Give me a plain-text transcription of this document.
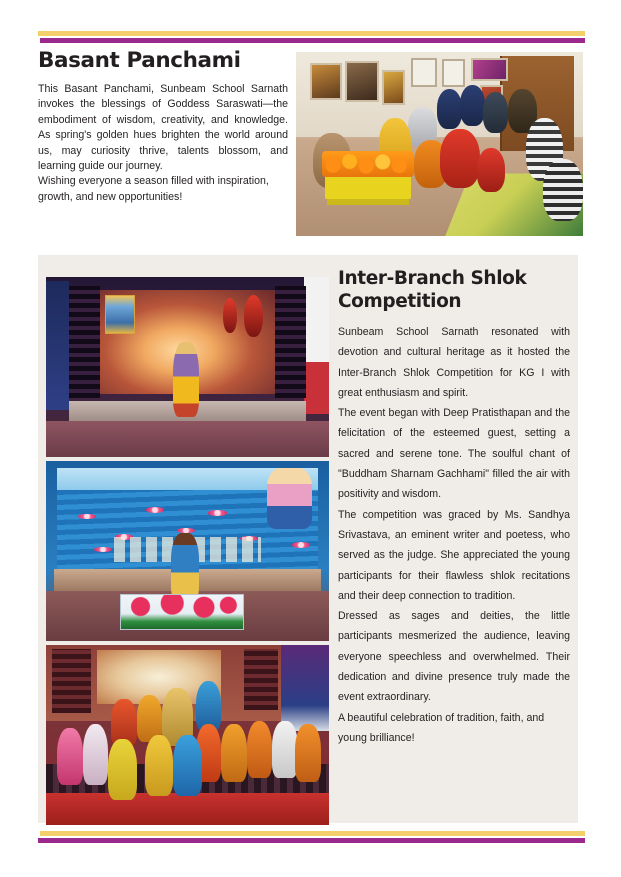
Basant Panchami

This Basant Panchami, Sunbeam School Sarnath invokes the blessings of Goddess Saraswati—the embodiment of wisdom, creativity, and knowledge. As spring's golden hues brighten the world around us, may curiosity thrive, talents blossom, and learning guide our journey.

Wishing everyone a season filled with inspiration, growth, and new opportunities!

Inter-Branch Shlok Competition

Sunbeam School Sarnath resonated with devotion and cultural heritage as it hosted the Inter-Branch Shlok Competition for KG I with great enthusiasm and spirit.

The event began with Deep Pratisthapan and the felicitation of the esteemed guest, setting a sacred and serene tone. The soulful chant of "Buddham Sharnam Gachhami" filled the air with positivity and wisdom.

The competition was graced by Ms. Sandhya Srivastava, an eminent writer and poetess, who served as the judge. She appreciated the young participants for their flawless shlok recitations and their deep connection to tradition.

Dressed as sages and deities, the little participants mesmerized the audience, leaving everyone speechless and overwhelmed. Their dedication and divine presence truly made the event extraordinary.

A beautiful celebration of tradition, faith, and young brilliance!
